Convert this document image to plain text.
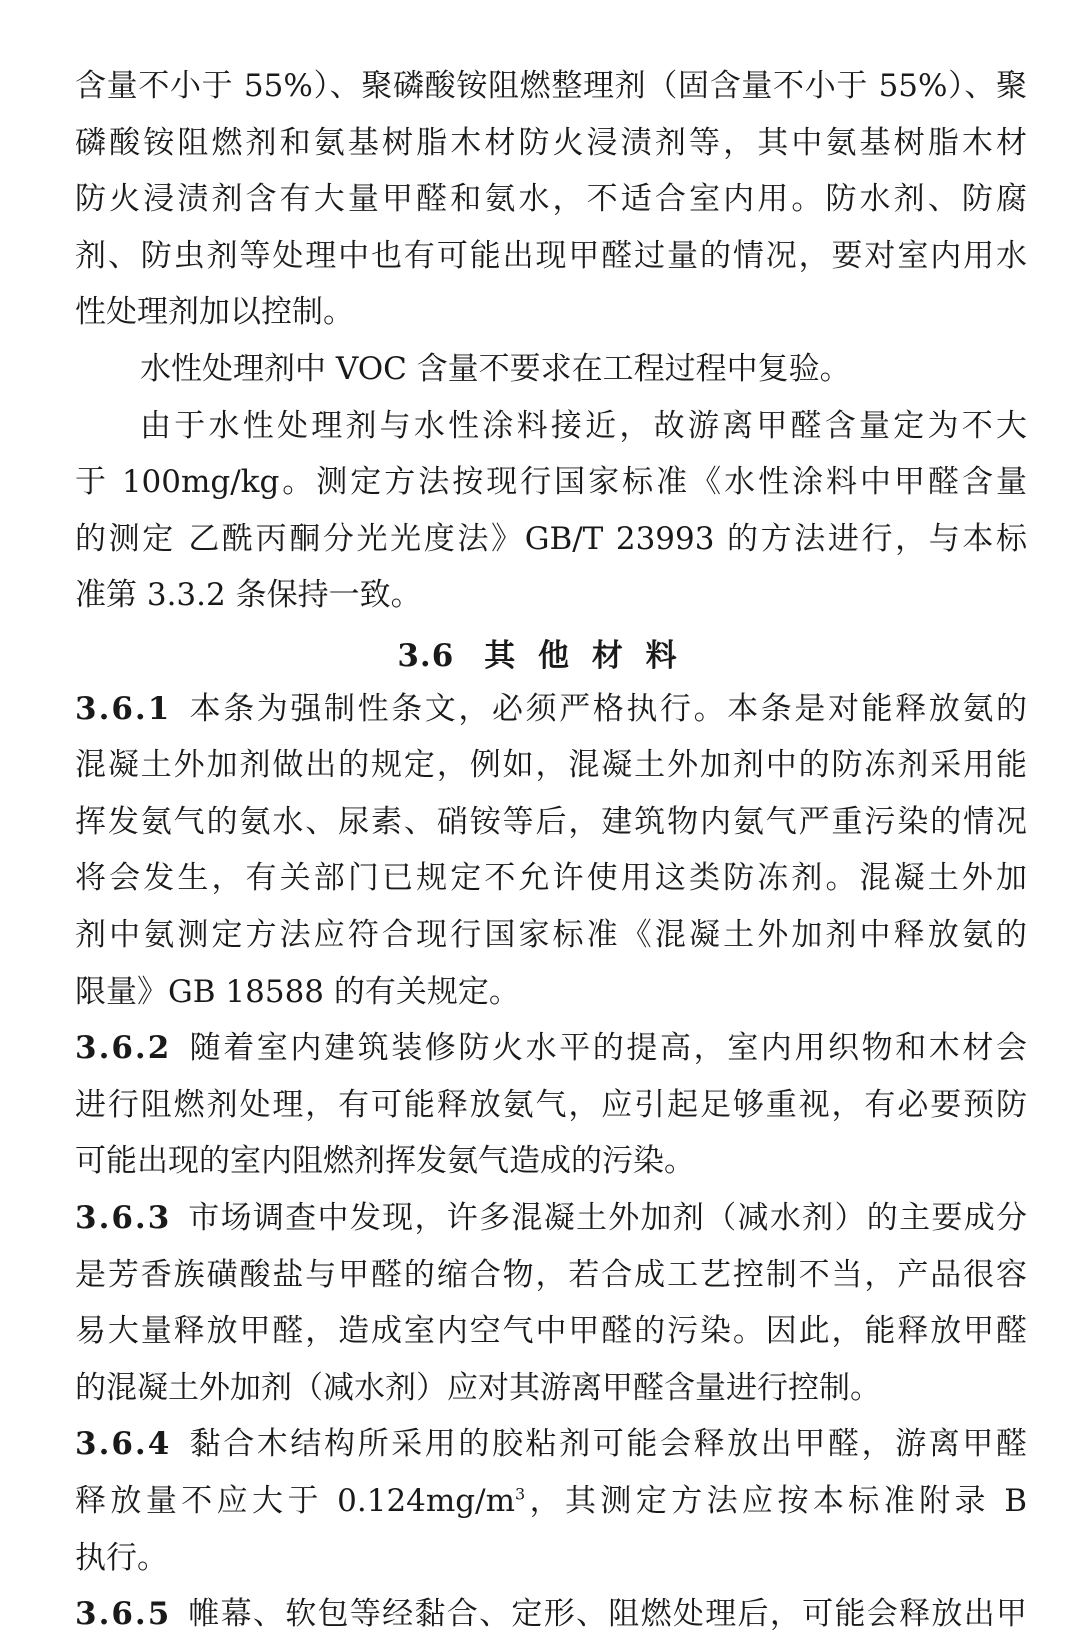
含量不小于 55%）、聚磷酸铵阻燃整理剂（固含量不小于 55%）、聚
磷酸铵阻燃剂和氨基树脂木材防火浸渍剂等，其中氨基树脂木材
防火浸渍剂含有大量甲醛和氨水，不适合室内用。防水剂、防腐
剂、防虫剂等处理中也有可能出现甲醛过量的情况，要对室内用水
性处理剂加以控制。
水性处理剂中 VOC 含量不要求在工程过程中复验。
由于水性处理剂与水性涂料接近，故游离甲醛含量定为不大
于 100mg/kg。测定方法按现行国家标准《水性涂料中甲醛含量
的测定 乙酰丙酮分光光度法》GB/T 23993 的方法进行，与本标
准第 3.3.2 条保持一致。
3.6 其 他 材 料
3.6.1 本条为强制性条文，必须严格执行。本条是对能释放氨的
混凝土外加剂做出的规定，例如，混凝土外加剂中的防冻剂采用能
挥发氨气的氨水、尿素、硝铵等后，建筑物内氨气严重污染的情况
将会发生，有关部门已规定不允许使用这类防冻剂。混凝土外加
剂中氨测定方法应符合现行国家标准《混凝土外加剂中释放氨的
限量》GB 18588 的有关规定。
3.6.2 随着室内建筑装修防火水平的提高，室内用织物和木材会
进行阻燃剂处理，有可能释放氨气，应引起足够重视，有必要预防
可能出现的室内阻燃剂挥发氨气造成的污染。
3.6.3 市场调查中发现，许多混凝土外加剂（减水剂）的主要成分
是芳香族磺酸盐与甲醛的缩合物，若合成工艺控制不当，产品很容
易大量释放甲醛，造成室内空气中甲醛的污染。因此，能释放甲醛
的混凝土外加剂（减水剂）应对其游离甲醛含量进行控制。
3.6.4 黏合木结构所采用的胶粘剂可能会释放出甲醛，游离甲醛
释放量不应大于 $0.124mg/m^3$，其测定方法应按本标准附录 B
执行。
3.6.5 帷幕、软包等经黏合、定形、阻燃处理后，可能会释放出甲
